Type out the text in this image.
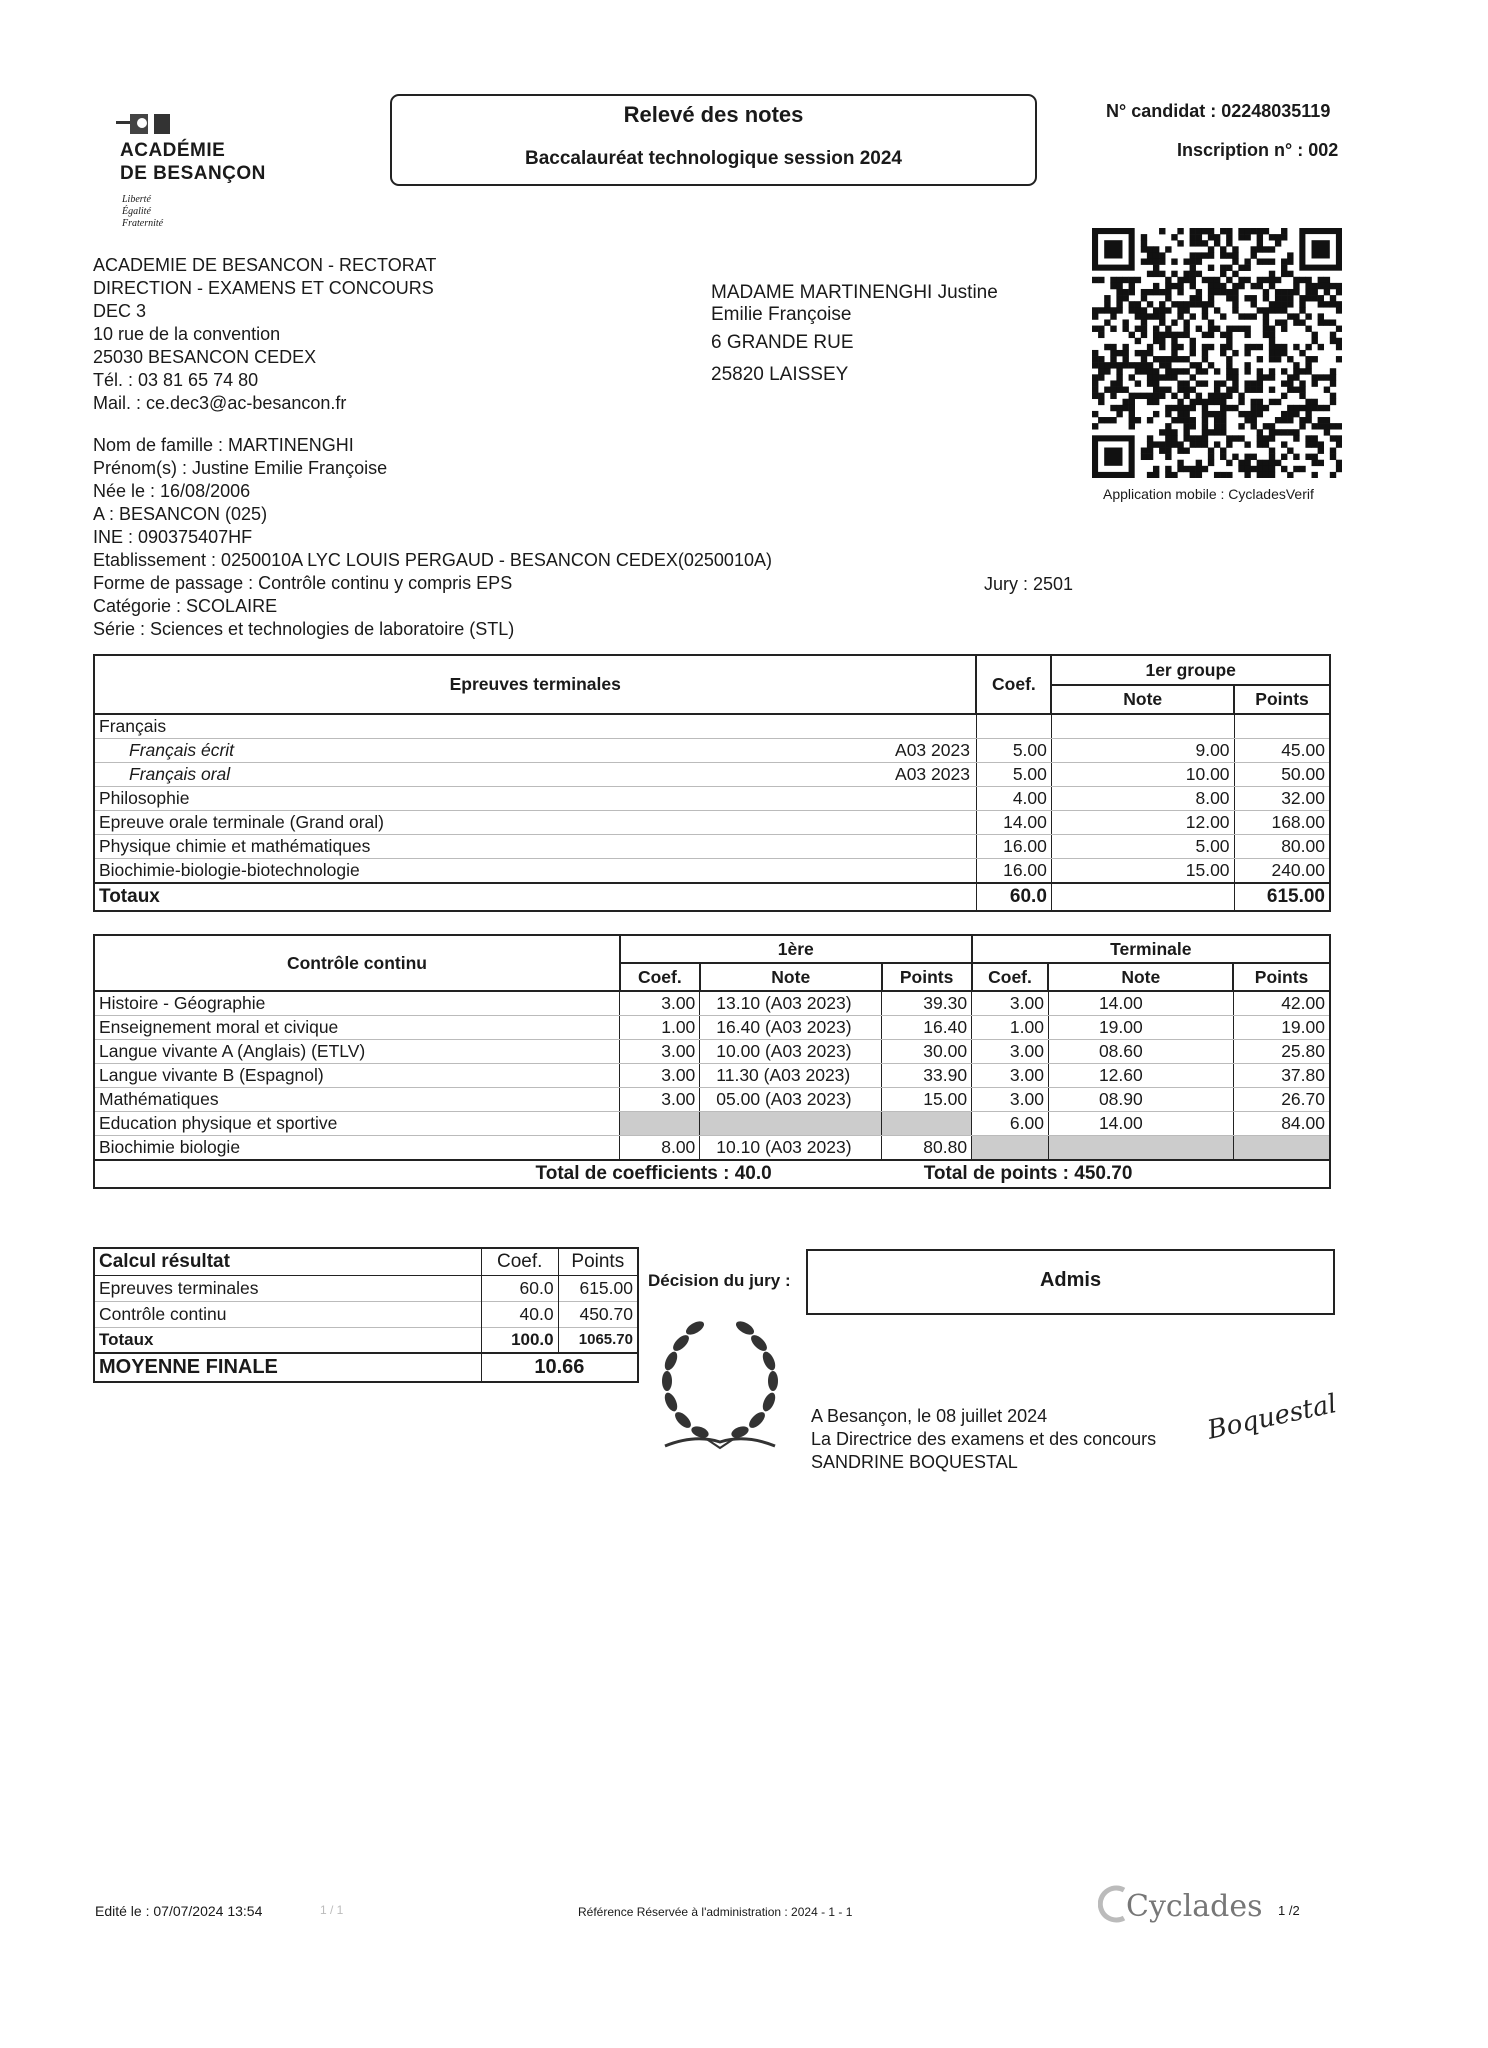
ACADÉMIE
DE BESANÇON
Liberté
Égalité
Fraternité
Relevé des notes
Baccalauréat technologique session 2024
N° candidat : 02248035119
Inscription n° : 002
Application mobile : CycladesVerif
ACADEMIE DE BESANCON - RECTORAT
DIRECTION - EXAMENS ET CONCOURS
DEC 3
10 rue de la convention
25030 BESANCON CEDEX
Tél. : 03 81 65 74 80
Mail. : ce.dec3@ac-besancon.fr
MADAME MARTINENGHI Justine
Emilie Françoise
6 GRANDE RUE
25820 LAISSEY
Nom de famille : MARTINENGHI
Prénom(s) : Justine Emilie Françoise
Née le : 16/08/2006
A : BESANCON (025)
INE : 090375407HF
Etablissement : 0250010A LYC LOUIS PERGAUD - BESANCON CEDEX(0250010A)
Forme de passage : Contrôle continu y compris EPS
Catégorie : SCOLAIRE
Série : Sciences et technologies de laboratoire (STL)
Jury : 2501
Epreuves terminales	Coef.	1er groupe	
		Note	Points
Français			
Français écrit A03 2023	5.00	9.00	45.00
Français oral A03 2023	5.00	10.00	50.00
Philosophie	4.00	8.00	32.00
Epreuve orale terminale (Grand oral)	14.00	12.00	168.00
Physique chimie et mathématiques	16.00	5.00	80.00
Biochimie-biologie-biotechnologie	16.00	15.00	240.00
Totaux	60.0		615.00
Contrôle continu	1ère			Terminale		
	Coef.	Note	Points	Coef.	Note	Points
Histoire - Géographie	3.00	13.10 (A03 2023)	39.30	3.00	14.00	42.00
Enseignement moral et civique	1.00	16.40 (A03 2023)	16.40	1.00	19.00	19.00
Langue vivante A (Anglais) (ETLV)	3.00	10.00 (A03 2023)	30.00	3.00	08.60	25.80
Langue vivante B (Espagnol)	3.00	11.30 (A03 2023)	33.90	3.00	12.60	37.80
Mathématiques	3.00	05.00 (A03 2023)	15.00	3.00	08.90	26.70
Education physique et sportive				6.00	14.00	84.00
Biochimie biologie	8.00	10.10 (A03 2023)	80.80			
Total de coefficients : 40.0			Total de points : 450.70			
Calcul résultat	Coef.	Points
Epreuves terminales	60.0	615.00
Contrôle continu	40.0	450.70
Totaux	100.0	1065.70
MOYENNE FINALE	10.66	
Décision du jury :	Admis
A Besançon, le 08 juillet 2024
La Directrice des examens et des concours
SANDRINE BOQUESTAL
Boquestal
Edité le : 07/07/2024 13:54	1 / 1	Référence Réservée à l'administration : 2024 - 1 - 1	Cyclades 1 /2
